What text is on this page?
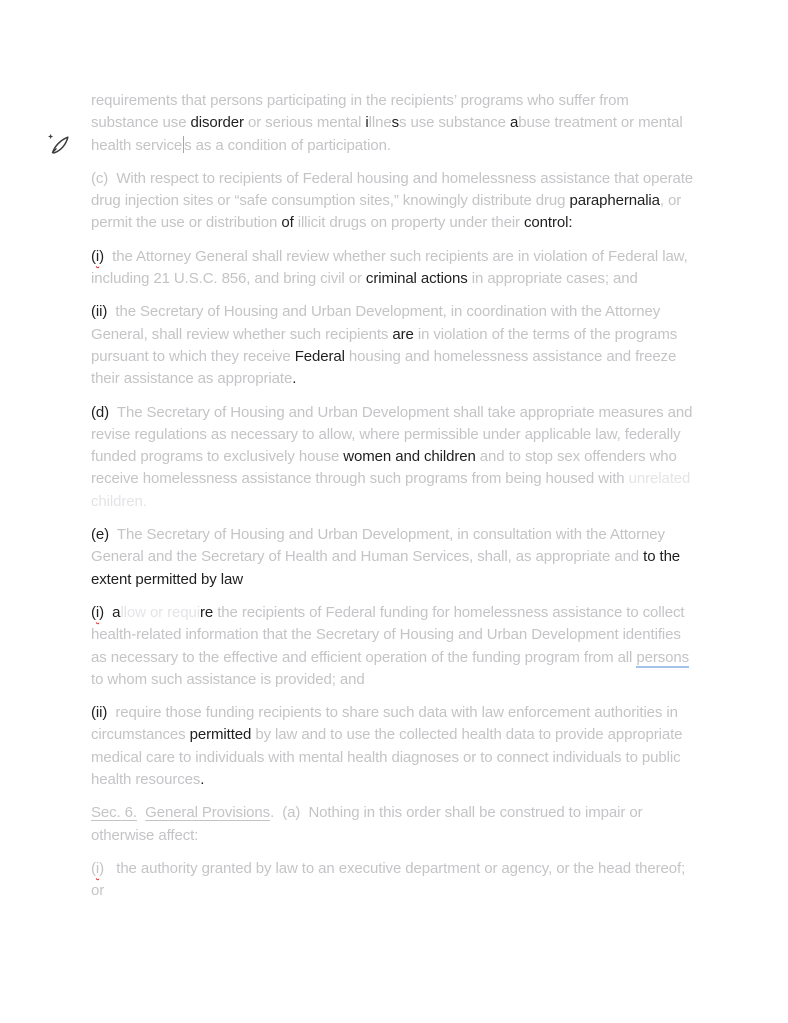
requirements that persons participating in the recipients’ programs who suffer from substance use disorder or serious mental illness use substance abuse treatment or mental health service s as a condition of participation.

(c)  With respect to recipients of Federal housing and homelessness assistance that operate drug injection sites or “safe consumption sites,” knowingly distribute drug paraphernalia, or permit the use or distribution of illicit drugs on property under their control:

(i)  the Attorney General shall review whether such recipients are in violation of Federal law, including 21 U.S.C. 856, and bring civil or criminal actions in appropriate cases; and

(ii)  the Secretary of Housing and Urban Development, in coordination with the Attorney General, shall review whether such recipients are in violation of the terms of the programs pursuant to which they receive Federal housing and homelessness assistance and freeze their assistance as appropriate.

(d)  The Secretary of Housing and Urban Development shall take appropriate measures and revise regulations as necessary to allow, where permissible under applicable law, federally funded programs to exclusively house women and children and to stop sex offenders who receive homelessness assistance through such programs from being housed with unrelated children.

(e)  The Secretary of Housing and Urban Development, in consultation with the Attorney General and the Secretary of Health and Human Services, shall, as appropriate and to the extent permitted by law

(i)  allow or require the recipients of Federal funding for homelessness assistance to collect health-related information that the Secretary of Housing and Urban Development identifies as necessary to the effective and efficient operation of the funding program from all persons to whom such assistance is provided; and

(ii)  require those funding recipients to share such data with law enforcement authorities in circumstances permitted by law and to use the collected health data to provide appropriate medical care to individuals with mental health diagnoses or to connect individuals to public health resources.

Sec. 6. General Provisions.  (a)  Nothing in this order shall be construed to impair or otherwise affect:

(i)   the authority granted by law to an executive department or agency, or the head thereof; or
